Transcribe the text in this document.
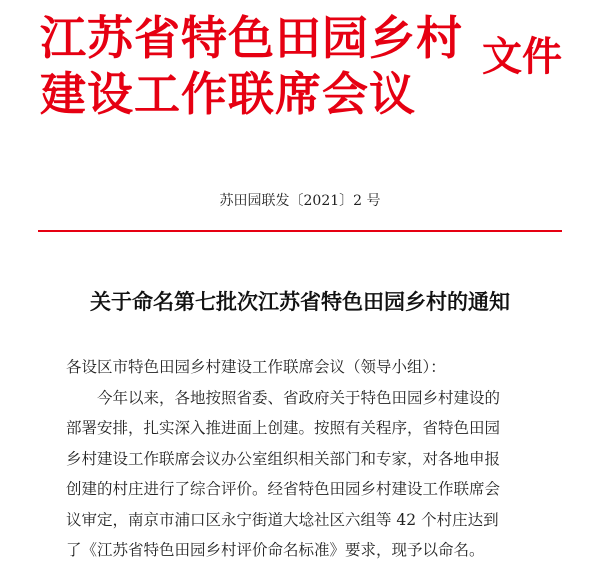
江苏省特色田园乡村
建设工作联席会议
文件
苏田园联发〔2021〕2 号
关于命名第七批次江苏省特色田园乡村的通知

各设区市特色田园乡村建设工作联席会议（领导小组）：

今年以来，各地按照省委、省政府关于特色田园乡村建设的

部署安排，扎实深入推进面上创建。按照有关程序，省特色田园

乡村建设工作联席会议办公室组织相关部门和专家，对各地申报

创建的村庄进行了综合评价。经省特色田园乡村建设工作联席会

议审定，南京市浦口区永宁街道大埝社区六组等 42 个村庄达到

了《江苏省特色田园乡村评价命名标准》要求，现予以命名。
